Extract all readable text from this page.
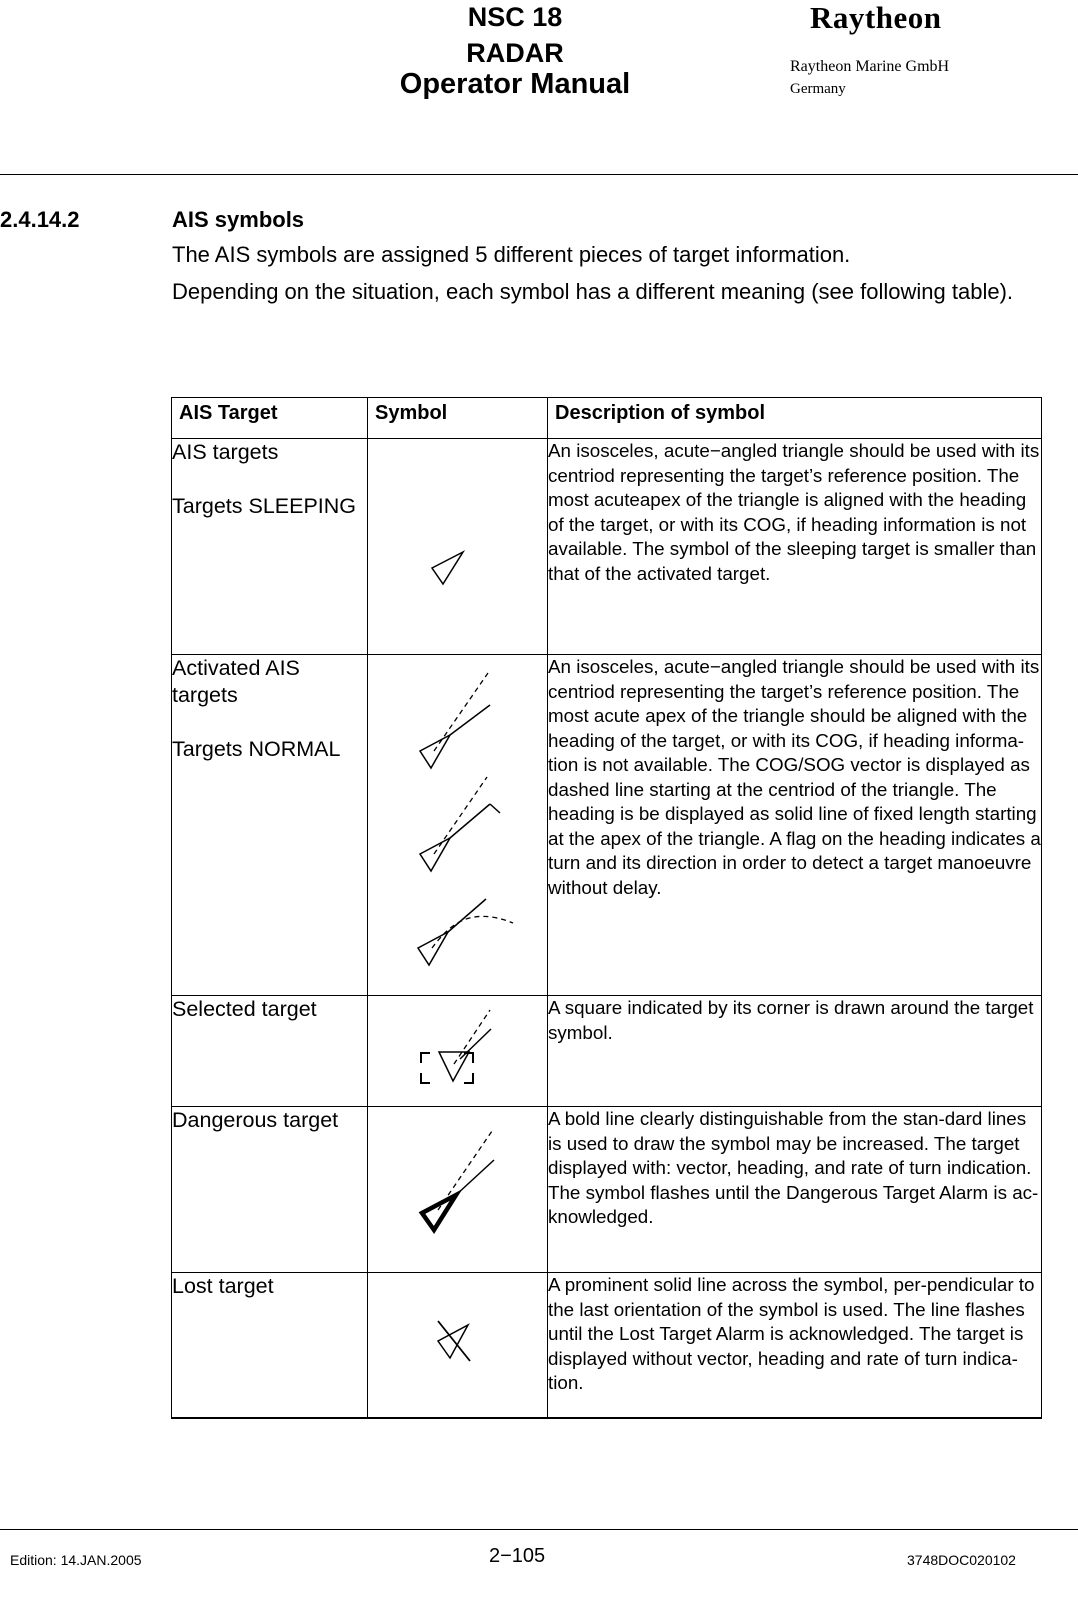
NSC 18
RADAR
Operator Manual
Raytheon
Raytheon Marine GmbH
Germany
2.4.14.2	AIS symbols

The AIS symbols are assigned 5 different pieces of target information.

Depending on the situation, each symbol has a different meaning (see following table).

AIS Target	Symbol	Description of symbol

AIS targets
Targets SLEEPING		An isosceles, acute−angled triangle should be used with its centriod representing the target’s reference position. The most acuteapex of the triangle is aligned with the heading of the target, or with its COG, if heading information is not available. The symbol of the sleeping target is smaller than that of the activated target.

Activated AIS targets
Targets NORMAL		An isosceles, acute−angled triangle should be used with its centriod representing the target’s reference position. The most acute apex of the triangle should be aligned with the heading of the target, or with its COG, if heading informa-tion is not available. The COG/SOG vector is displayed as dashed line starting at the centriod of the triangle. The heading is be displayed as solid line of fixed length starting at the apex of the triangle. A flag on the heading indicates a turn and its direction in order to detect a target manoeuvre without delay.

Selected target		A square indicated by its corner is drawn around the target symbol.

Dangerous target		A bold line clearly distinguishable from the stan-dard lines is used to draw the symbol may be increased. The target displayed with: vector, heading, and rate of turn indication. The symbol flashes until the Dangerous Target Alarm is ac-knowledged.

Lost target		A prominent solid line across the symbol, per-pendicular to the last orientation of the symbol is used. The line flashes until the Lost Target Alarm is acknowledged. The target is displayed without vector, heading and rate of turn indica-tion.
Edition: 14.JAN.2005	2−105	3748DOC020102
